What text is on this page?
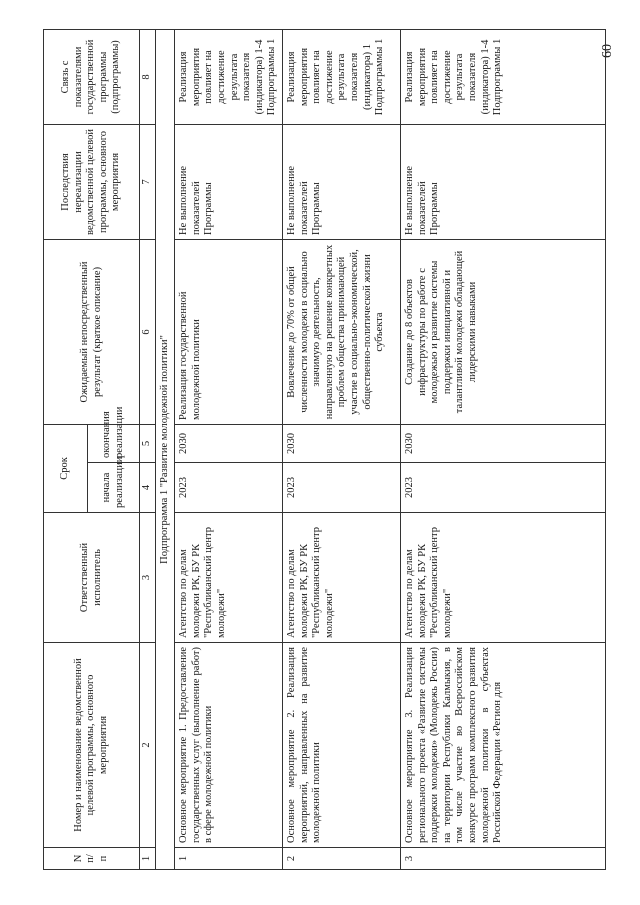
60
N п/п	Номер и наименование ведомственной целевой программы, основного мероприятия	Ответственный исполнитель	Срок		Ожидаемый непосредственный результат (краткое описание)	Последствия нереализации ведомственной целевой программы, основного мероприятия	Связь с показателями государственной программы (подпрограммы)
			начала реализации	окончания реализации			
1	2	3	4	5	6	7	8
Подпрограмма 1 "Развитие молодежной политики"							
1	Основное мероприятие 1. Предоставление государственных услуг (выполнение работ) в сфере молодежной политики	Агентство по делам молодежи РК, БУ РК "Республиканский центр молодежи"	2023	2030	Реализация государственной молодежной политики	Не выполнение показателей Программы	Реализация мероприятия повлияет на достижение результата показателя (индикатора) 1-4 Подпрограммы 1
2	Основное мероприятие 2. Реализация мероприятий, направленных на развитие молодежной политики	Агентство по делам молодежи РК, БУ РК "Республиканский центр молодежи"	2023	2030	Вовлечение до 70% от общей численности молодежи в социально значимую деятельность, направленную на решение конкретных проблем общества принимающей участие в социально-экономической, общественно-политической жизни субъекта	Не выполнение показателей Программы	Реализация мероприятия повлияет на достижение результата показателя (индикатора) 1 Подпрограммы 1
3	Основное мероприятие 3. Реализация регионального проекта «Развитие системы поддержки молодежи» (Молодежь России) на территории Республики Калмыкия, в том числе участие во Всероссийском конкурсе программ комплексного развития молодежной политики в субъектах Российской Федерации «Регион для	Агентство по делам молодежи РК, БУ РК "Республиканский центр молодежи"	2023	2030	Создание до 8 объектов инфраструктуры по работе с молодежью и развитие системы поддержки инициативной и талантливой молодежи обладающей лидерскими навыками	Не выполнение показателей Программы	Реализация мероприятия повлияет на достижение результата показателя (индикатора) 1-4 Подпрограммы 1
